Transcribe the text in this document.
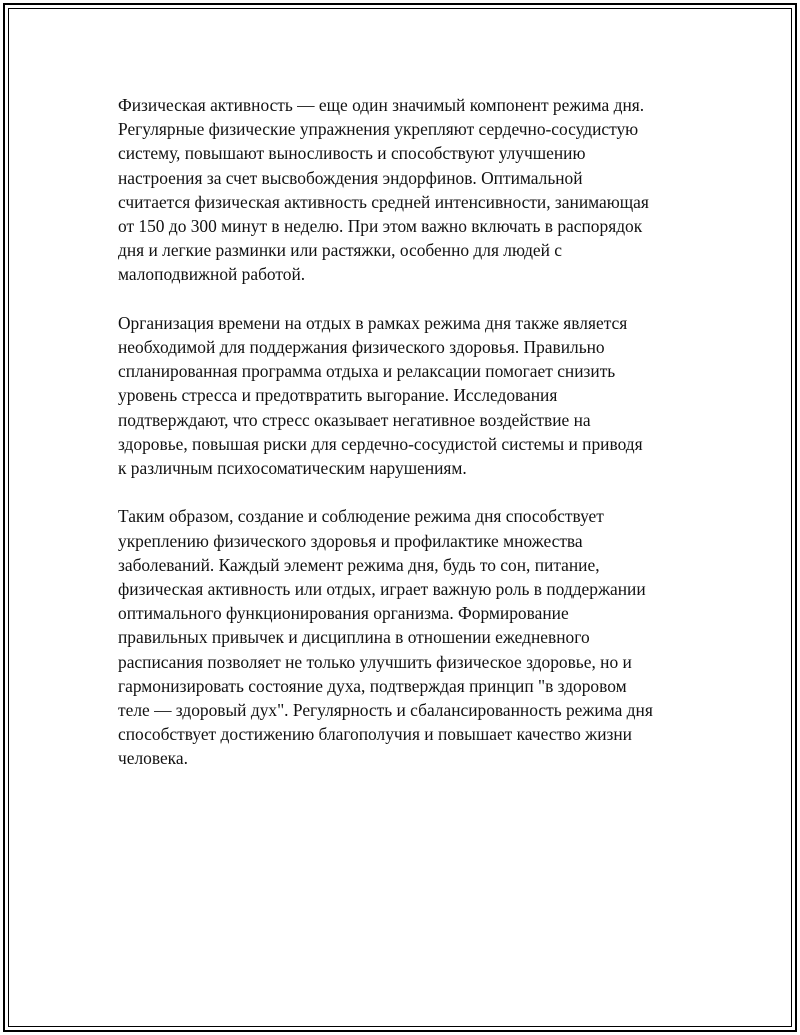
Физическая активность — еще один значимый компонент режима дня.
Регулярные физические упражнения укрепляют сердечно-сосудистую
систему, повышают выносливость и способствуют улучшению
настроения за счет высвобождения эндорфинов. Оптимальной
считается физическая активность средней интенсивности, занимающая
от 150 до 300 минут в неделю. При этом важно включать в распорядок
дня и легкие разминки или растяжки, особенно для людей с
малоподвижной работой.

Организация времени на отдых в рамках режима дня также является
необходимой для поддержания физического здоровья. Правильно
спланированная программа отдыха и релаксации помогает снизить
уровень стресса и предотвратить выгорание. Исследования
подтверждают, что стресс оказывает негативное воздействие на
здоровье, повышая риски для сердечно-сосудистой системы и приводя
к различным психосоматическим нарушениям.

Таким образом, создание и соблюдение режима дня способствует
укреплению физического здоровья и профилактике множества
заболеваний. Каждый элемент режима дня, будь то сон, питание,
физическая активность или отдых, играет важную роль в поддержании
оптимального функционирования организма. Формирование
правильных привычек и дисциплина в отношении ежедневного
расписания позволяет не только улучшить физическое здоровье, но и
гармонизировать состояние духа, подтверждая принцип "в здоровом
теле — здоровый дух". Регулярность и сбалансированность режима дня
способствует достижению благополучия и повышает качество жизни
человека.
